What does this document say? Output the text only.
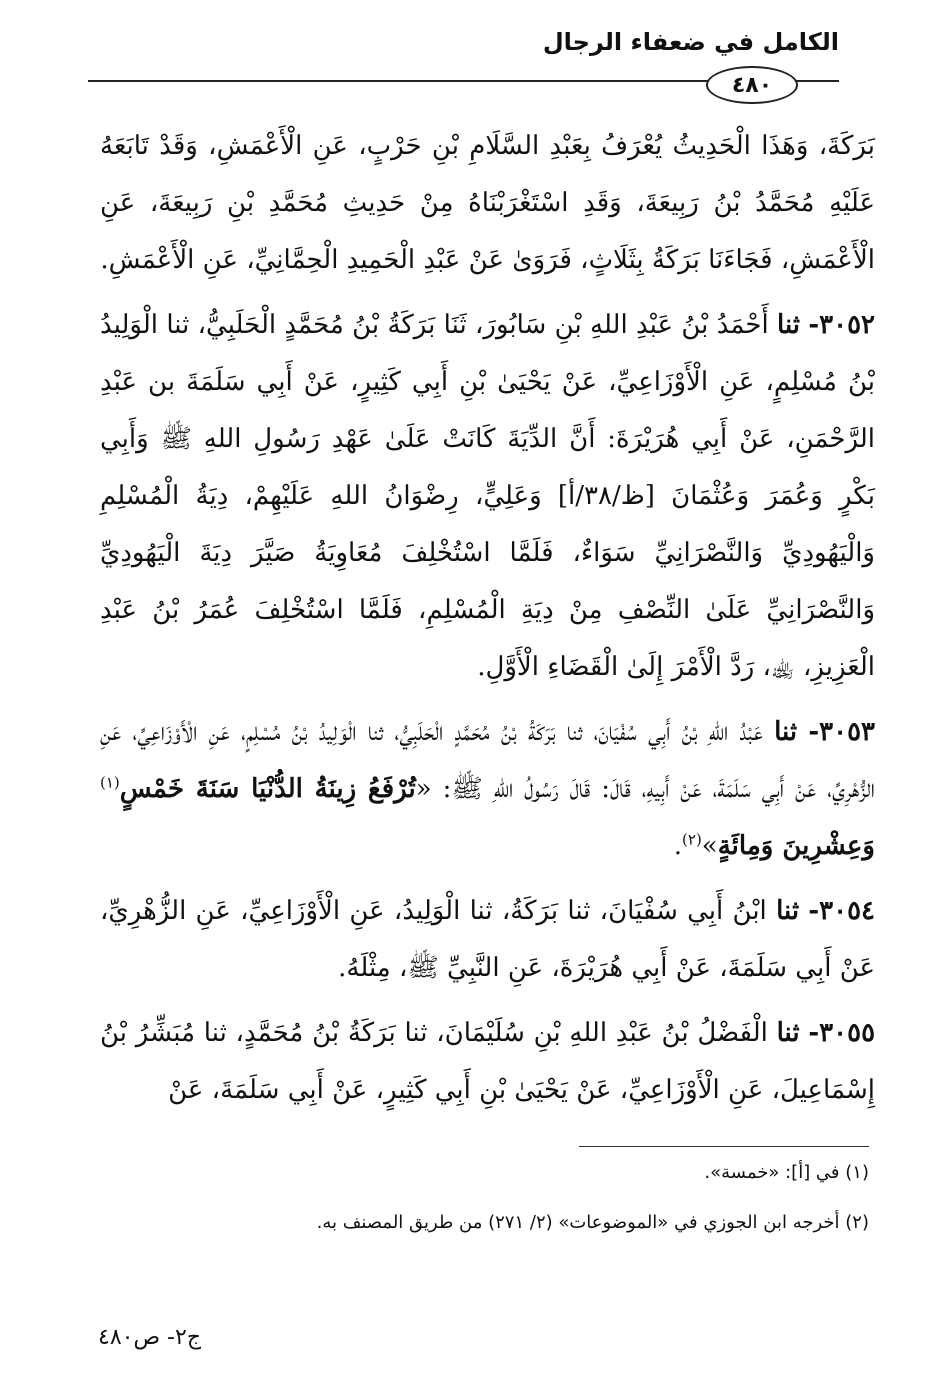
الكامل في ضعفاء الرجال
٤٨٠

بَرَكَةَ، وَهَذَا الْحَدِيثُ يُعْرَفُ بِعَبْدِ السَّلَامِ بْنِ حَرْبٍ، عَنِ الْأَعْمَشِ، وَقَدْ تَابَعَهُ عَلَيْهِ مُحَمَّدُ بْنُ رَبِيعَةَ، وَقَدِ اسْتَغْرَبْنَاهُ مِنْ حَدِيثِ مُحَمَّدِ بْنِ رَبِيعَةَ، عَنِ الْأَعْمَشِ، فَجَاءَنَا بَرَكَةُ بِثَلَاثٍ، فَرَوَىٰ عَنْ عَبْدِ الْحَمِيدِ الْحِمَّانِيِّ، عَنِ الْأَعْمَشِ.

٣٠٥٢- ثنا أَحْمَدُ بْنُ عَبْدِ اللهِ بْنِ سَابُورَ، ثَنَا بَرَكَةُ بْنُ مُحَمَّدٍ الْحَلَبِيُّ، ثنا الْوَلِيدُ بْنُ مُسْلِمٍ، عَنِ الْأَوْزَاعِيِّ، عَنْ يَحْيَىٰ بْنِ أَبِي كَثِيرٍ، عَنْ أَبِي سَلَمَةَ بن عَبْدِ الرَّحْمَنِ، عَنْ أَبِي هُرَيْرَةَ: أَنَّ الدِّيَةَ كَانَتْ عَلَىٰ عَهْدِ رَسُولِ اللهِ ﷺ وَأَبِي بَكْرٍ وَعُمَرَ وَعُثْمَانَ [ظ/٣٨/أ] وَعَلِيٍّ، رِضْوَانُ اللهِ عَلَيْهِمْ، دِيَةُ الْمُسْلِمِ وَالْيَهُودِيِّ وَالنَّصْرَانِيِّ سَوَاءٌ، فَلَمَّا اسْتُخْلِفَ مُعَاوِيَةُ صَيَّرَ دِيَةَ الْيَهُودِيِّ وَالنَّصْرَانِيِّ عَلَىٰ النِّصْفِ مِنْ دِيَةِ الْمُسْلِمِ، فَلَمَّا اسْتُخْلِفَ عُمَرُ بْنُ عَبْدِ الْعَزِيزِ، ﵀، رَدَّ الْأَمْرَ إِلَىٰ الْقَضَاءِ الْأَوَّلِ.

٣٠٥٣- ثنا عَبْدُ اللهِ بْنُ أَبِي سُفْيَانَ، ثنا بَرَكَةُ بْنُ مُحَمَّدٍ الْحَلَبِيُّ، ثنا الْوَلِيدُ بْنُ مُسْلِمٍ، عَنِ الْأَوْزَاعِيِّ، عَنِ الزُّهْرِيِّ، عَنْ أَبِي سَلَمَةَ، عَنْ أَبِيهِ، قَالَ: قَالَ رَسُولُ اللهِ ﷺ: «تُرْفَعُ زِينَةُ الدُّنْيَا سَنَةَ خَمْسٍ$^{(١)}$ وَعِشْرِينَ وَمِائَةٍ»$^{(٢)}$.

٣٠٥٤- ثنا ابْنُ أَبِي سُفْيَانَ، ثنا بَرَكَةُ، ثنا الْوَلِيدُ، عَنِ الْأَوْزَاعِيِّ، عَنِ الزُّهْرِيِّ، عَنْ أَبِي سَلَمَةَ، عَنْ أَبِي هُرَيْرَةَ، عَنِ النَّبِيِّ ﷺ، مِثْلَهُ.

٣٠٥٥- ثنا الْفَضْلُ بْنُ عَبْدِ اللهِ بْنِ سُلَيْمَانَ، ثنا بَرَكَةُ بْنُ مُحَمَّدٍ، ثنا مُبَشِّرُ بْنُ إِسْمَاعِيلَ، عَنِ الْأَوْزَاعِيِّ، عَنْ يَحْيَىٰ بْنِ أَبِي كَثِيرٍ، عَنْ أَبِي سَلَمَةَ، عَنْ

(١) في [أ]: «خمسة».

(٢) أخرجه ابن الجوزي في «الموضوعات» (٢/ ٢٧١) من طريق المصنف به.

ج٢- ص٤٨٠
